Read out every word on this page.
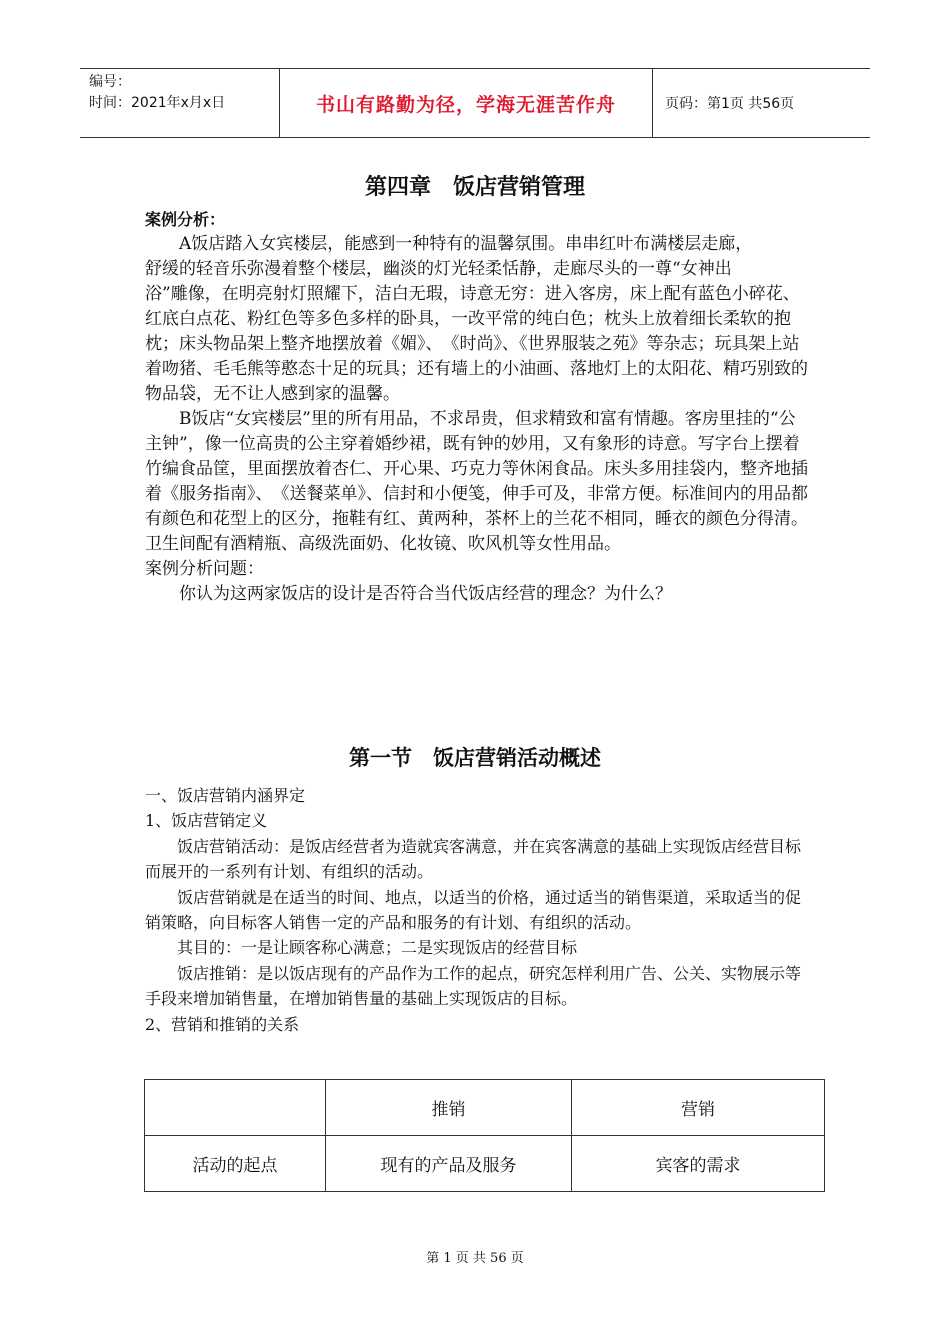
编号：
时间：2021年x月x日	书山有路勤为径，学海无涯苦作舟	页码：第1页 共56页
第四章　饭店营销管理
案例分析：

A饭店踏入女宾楼层，能感到一种特有的温馨氛围。串串红叶布满楼层走廊，

舒缓的轻音乐弥漫着整个楼层，幽淡的灯光轻柔恬静，走廊尽头的一尊“女神出

浴”雕像，在明亮射灯照耀下，洁白无瑕，诗意无穷：进入客房，床上配有蓝色小碎花、红底白点花、粉红色等多色多样的卧具，一改平常的纯白色；枕头上放着细长柔软的抱枕；床头物品架上整齐地摆放着《媚》、　《时尚》、《世界服装之苑》等杂志；玩具架上站着吻猪、毛毛熊等憨态十足的玩具；还有墙上的小油画、落地灯上的太阳花、精巧别致的物品袋，无不让人感到家的温馨。

B饭店“女宾楼层”里的所有用品，不求昂贵，但求精致和富有情趣。客房里挂的“公主钟”，像一位高贵的公主穿着婚纱裙，既有钟的妙用，又有象形的诗意。写字台上摆着竹编食品筐，里面摆放着杏仁、开心果、巧克力等休闲食品。床头多用挂袋内，整齐地插着《服务指南》、　《送餐菜单》、信封和小便笺，伸手可及，非常方便。标准间内的用品都有颜色和花型上的区分，拖鞋有红、黄两种，茶杯上的兰花不相同，睡衣的颜色分得清。卫生间配有酒精瓶、高级洗面奶、化妆镜、吹风机等女性用品。

案例分析问题：

你认为这两家饭店的设计是否符合当代饭店经营的理念？为什么？

第一节　饭店营销活动概述

一、饭店营销内涵界定

1、饭店营销定义

饭店营销活动：是饭店经营者为造就宾客满意，并在宾客满意的基础上实现饭店经营目标而展开的一系列有计划、有组织的活动。

饭店营销就是在适当的时间、地点，以适当的价格，通过适当的销售渠道，采取适当的促销策略，向目标客人销售一定的产品和服务的有计划、有组织的活动。

其目的：一是让顾客称心满意；二是实现饭店的经营目标

饭店推销：是以饭店现有的产品作为工作的起点，研究怎样利用广告、公关、实物展示等手段来增加销售量，在增加销售量的基础上实现饭店的目标。

2、营销和推销的关系

	推销	营销
活动的起点	现有的产品及服务	宾客的需求
第 1 页 共 56 页
